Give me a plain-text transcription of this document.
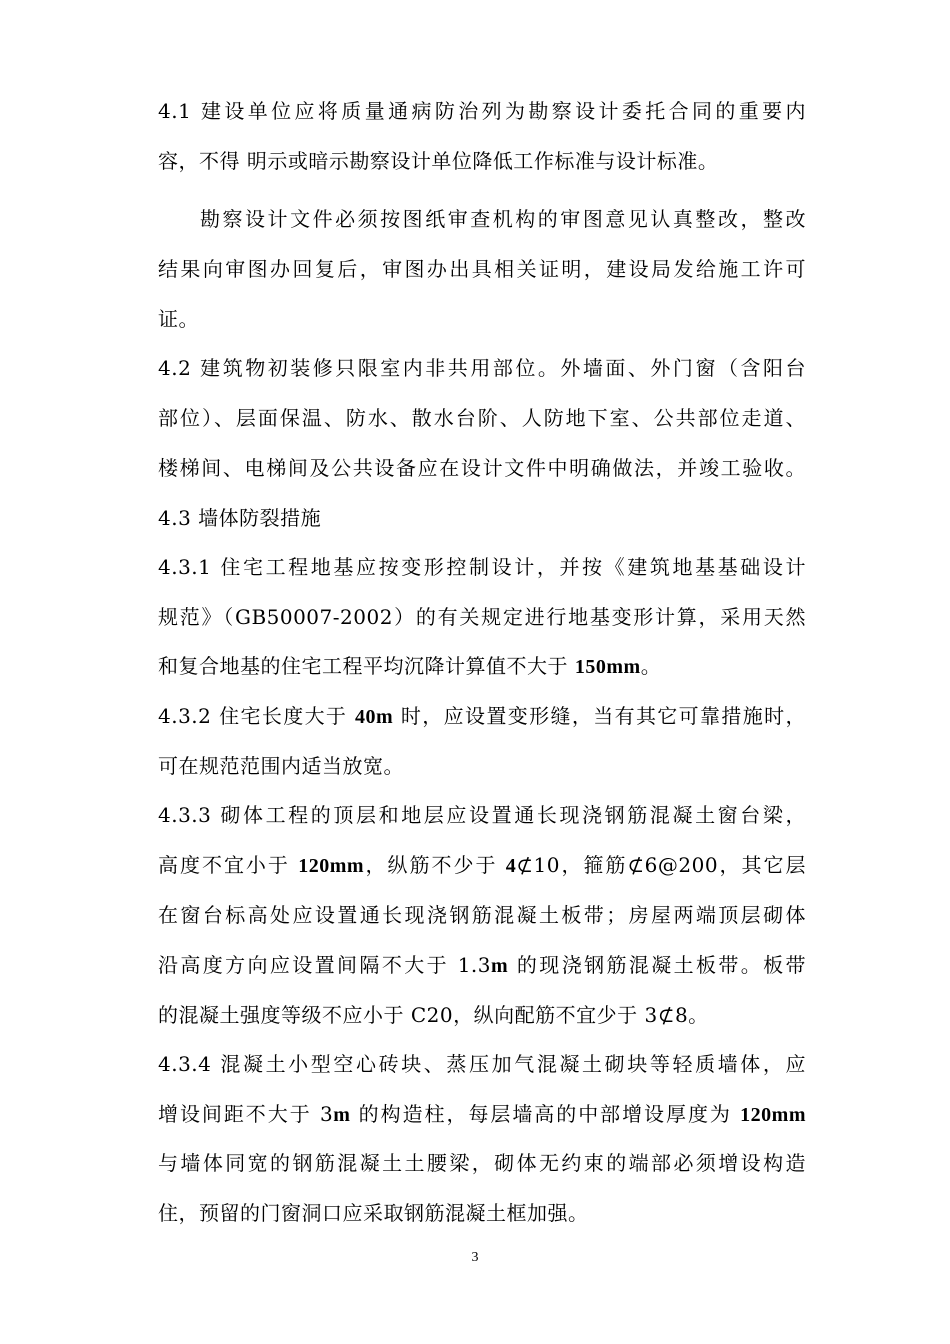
4.1 建设单位应将质量通病防治列为勘察设计委托合同的重要内
容，不得 明示或暗示勘察设计单位降低工作标准与设计标准。
勘察设计文件必须按图纸审查机构的审图意见认真整改，整改
结果向审图办回复后，审图办出具相关证明，建设局发给施工许可
证。
4.2 建筑物初装修只限室内非共用部位。外墙面、外门窗（含阳台
部位）、层面保温、防水、散水台阶、人防地下室、公共部位走道、
楼梯间、电梯间及公共设备应在设计文件中明确做法，并竣工验收。
4.3 墙体防裂措施
4.3.1 住宅工程地基应按变形控制设计，并按《建筑地基基础设计
规范》（GB50007-2002）的有关规定进行地基变形计算，采用天然
和复合地基的住宅工程平均沉降计算值不大于 150mm。
4.3.2 住宅长度大于 40m 时，应设置变形缝，当有其它可靠措施时，
可在规范范围内适当放宽。
4.3.3 砌体工程的顶层和地层应设置通长现浇钢筋混凝土窗台梁，
高度不宜小于 120mm，纵筋不少于 4⊄10，箍筋⊄6@200，其它层
在窗台标高处应设置通长现浇钢筋混凝土板带；房屋两端顶层砌体
沿高度方向应设置间隔不大于 1.3m 的现浇钢筋混凝土板带。板带
的混凝土强度等级不应小于 C20，纵向配筋不宜少于 3⊄8。
4.3.4 混凝土小型空心砖块、蒸压加气混凝土砌块等轻质墙体，应
增设间距不大于 3m 的构造柱，每层墙高的中部增设厚度为 120mm
与墙体同宽的钢筋混凝土土腰梁，砌体无约束的端部必须增设构造
住，预留的门窗洞口应采取钢筋混凝土框加强。
3
